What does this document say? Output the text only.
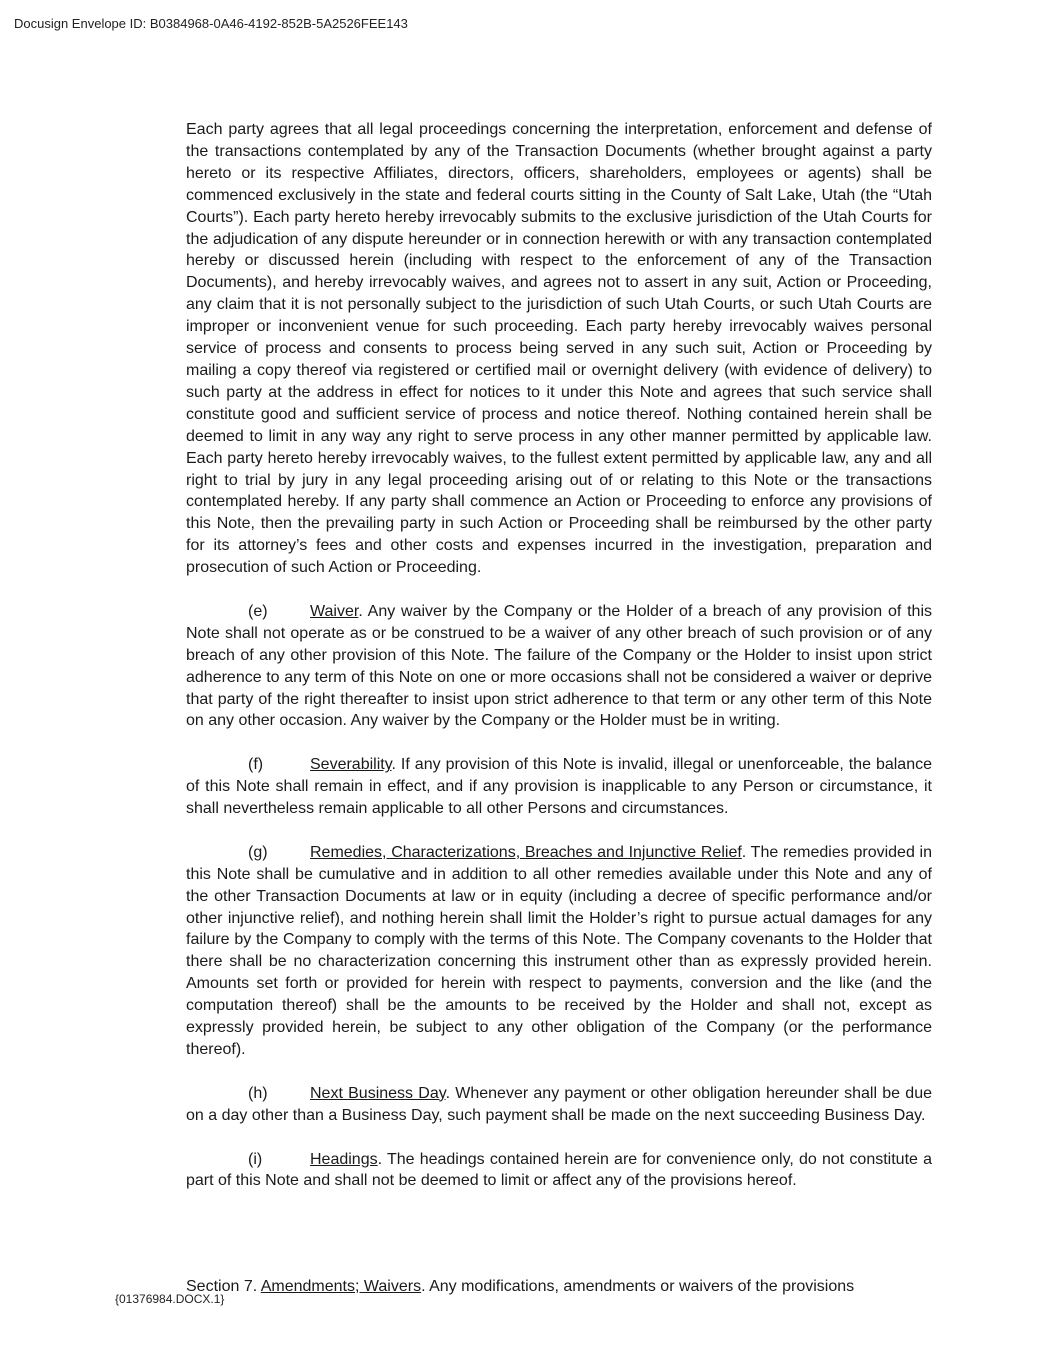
Docusign Envelope ID: B0384968-0A46-4192-852B-5A2526FEE143

Each party agrees that all legal proceedings concerning the interpretation, enforcement and defense of the transactions contemplated by any of the Transaction Documents (whether brought against a party hereto or its respective Affiliates, directors, officers, shareholders, employees or agents) shall be commenced exclusively in the state and federal courts sitting in the County of Salt Lake, Utah (the “Utah Courts”). Each party hereto hereby irrevocably submits to the exclusive jurisdiction of the Utah Courts for the adjudication of any dispute hereunder or in connection herewith or with any transaction contemplated hereby or discussed herein (including with respect to the enforcement of any of the Transaction Documents), and hereby irrevocably waives, and agrees not to assert in any suit, Action or Proceeding, any claim that it is not personally subject to the jurisdiction of such Utah Courts, or such Utah Courts are improper or inconvenient venue for such proceeding. Each party hereby irrevocably waives personal service of process and consents to process being served in any such suit, Action or Proceeding by mailing a copy thereof via registered or certified mail or overnight delivery (with evidence of delivery) to such party at the address in effect for notices to it under this Note and agrees that such service shall constitute good and sufficient service of process and notice thereof. Nothing contained herein shall be deemed to limit in any way any right to serve process in any other manner permitted by applicable law. Each party hereto hereby irrevocably waives, to the fullest extent permitted by applicable law, any and all right to trial by jury in any legal proceeding arising out of or relating to this Note or the transactions contemplated hereby. If any party shall commence an Action or Proceeding to enforce any provisions of this Note, then the prevailing party in such Action or Proceeding shall be reimbursed by the other party for its attorney’s fees and other costs and expenses incurred in the investigation, preparation and prosecution of such Action or Proceeding.

(e)	Waiver. Any waiver by the Company or the Holder of a breach of any provision of this Note shall not operate as or be construed to be a waiver of any other breach of such provision or of any breach of any other provision of this Note. The failure of the Company or the Holder to insist upon strict adherence to any term of this Note on one or more occasions shall not be considered a waiver or deprive that party of the right thereafter to insist upon strict adherence to that term or any other term of this Note on any other occasion. Any waiver by the Company or the Holder must be in writing.

(f)	Severability. If any provision of this Note is invalid, illegal or unenforceable, the balance of this Note shall remain in effect, and if any provision is inapplicable to any Person or circumstance, it shall nevertheless remain applicable to all other Persons and circumstances.

(g)	Remedies, Characterizations, Breaches and Injunctive Relief. The remedies provided in this Note shall be cumulative and in addition to all other remedies available under this Note and any of the other Transaction Documents at law or in equity (including a decree of specific performance and/or other injunctive relief), and nothing herein shall limit the Holder’s right to pursue actual damages for any failure by the Company to comply with the terms of this Note. The Company covenants to the Holder that there shall be no characterization concerning this instrument other than as expressly provided herein. Amounts set forth or provided for herein with respect to payments, conversion and the like (and the computation thereof) shall be the amounts to be received by the Holder and shall not, except as expressly provided herein, be subject to any other obligation of the Company (or the performance thereof).

(h)	Next Business Day. Whenever any payment or other obligation hereunder shall be due on a day other than a Business Day, such payment shall be made on the next succeeding Business Day.

(i)	Headings. The headings contained herein are for convenience only, do not constitute a part of this Note and shall not be deemed to limit or affect any of the provisions hereof.

Section 7. Amendments; Waivers. Any modifications, amendments or waivers of the provisions
{01376984.DOCX.1}
